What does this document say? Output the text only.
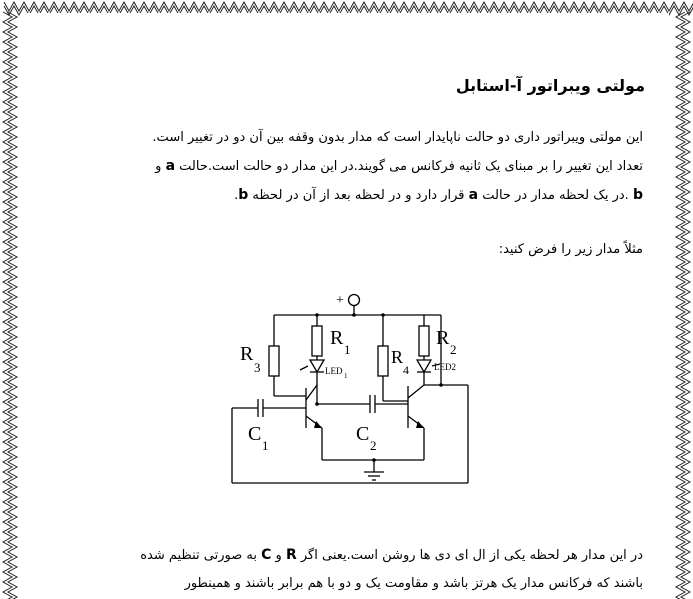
مولتی ویبراتور آ-استابل
این مولتی ویبراتور داری دو حالت ناپایدار است که مدار بدون وقفه بین آن دو در تغییر است.
تعداد این تغییر را بر مبنای یک ثانیه فرکانس می گویند.در این مدار دو حالت است.حالت a و
b .در یک لحظه مدار در حالت a قرار دارد و در لحظه بعد از آن در لحظه b.
مثلاً مدار زیر را فرض کنید:
+
R
3
R
1 R
4
R
2
LED 1
LED2
C
1
C
2
در این مدار هر لحظه یکی از ال ای دی ها روشن است.یعنی اگر R و C به صورتی تنظیم شده
باشند که فرکانس مدار یک هرتز باشد و مقاومت یک و دو با هم برابر باشند و همینطور
